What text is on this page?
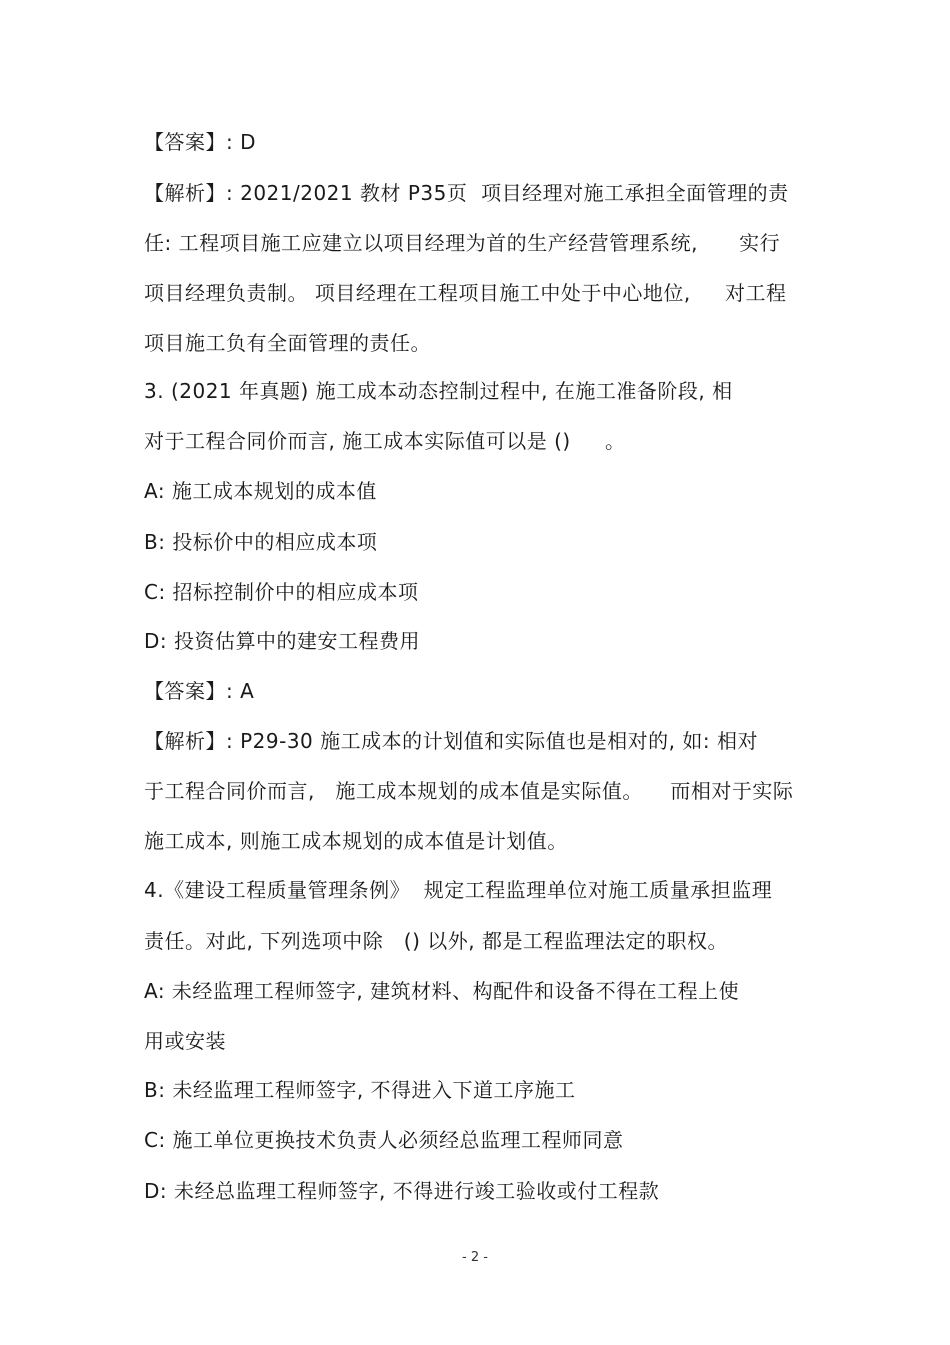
【答案】: D
【解析】: 2021/2021 教材 P35页  项目经理对施工承担全面管理的责
任: 工程项目施工应建立以项目经理为首的生产经营管理系统,      实行
项目经理负责制。 项目经理在工程项目施工中处于中心地位,     对工程
项目施工负有全面管理的责任。
3. (2021 年真题) 施工成本动态控制过程中, 在施工准备阶段, 相
对于工程合同价而言, 施工成本实际值可以是 ()     。
A: 施工成本规划的成本值
B: 投标价中的相应成本项
C: 招标控制价中的相应成本项
D: 投资估算中的建安工程费用
【答案】: A
【解析】: P29-30 施工成本的计划值和实际值也是相对的, 如: 相对
于工程合同价而言,   施工成本规划的成本值是实际值。    而相对于实际
施工成本, 则施工成本规划的成本值是计划值。
4.《建设工程质量管理条例》  规定工程监理单位对施工质量承担监理
责任。对此, 下列选项中除   () 以外, 都是工程监理法定的职权。
A: 未经监理工程师签字, 建筑材料、构配件和设备不得在工程上使
用或安装
B: 未经监理工程师签字, 不得进入下道工序施工
C: 施工单位更换技术负责人必须经总监理工程师同意
D: 未经总监理工程师签字, 不得进行竣工验收或付工程款
- 2 -
